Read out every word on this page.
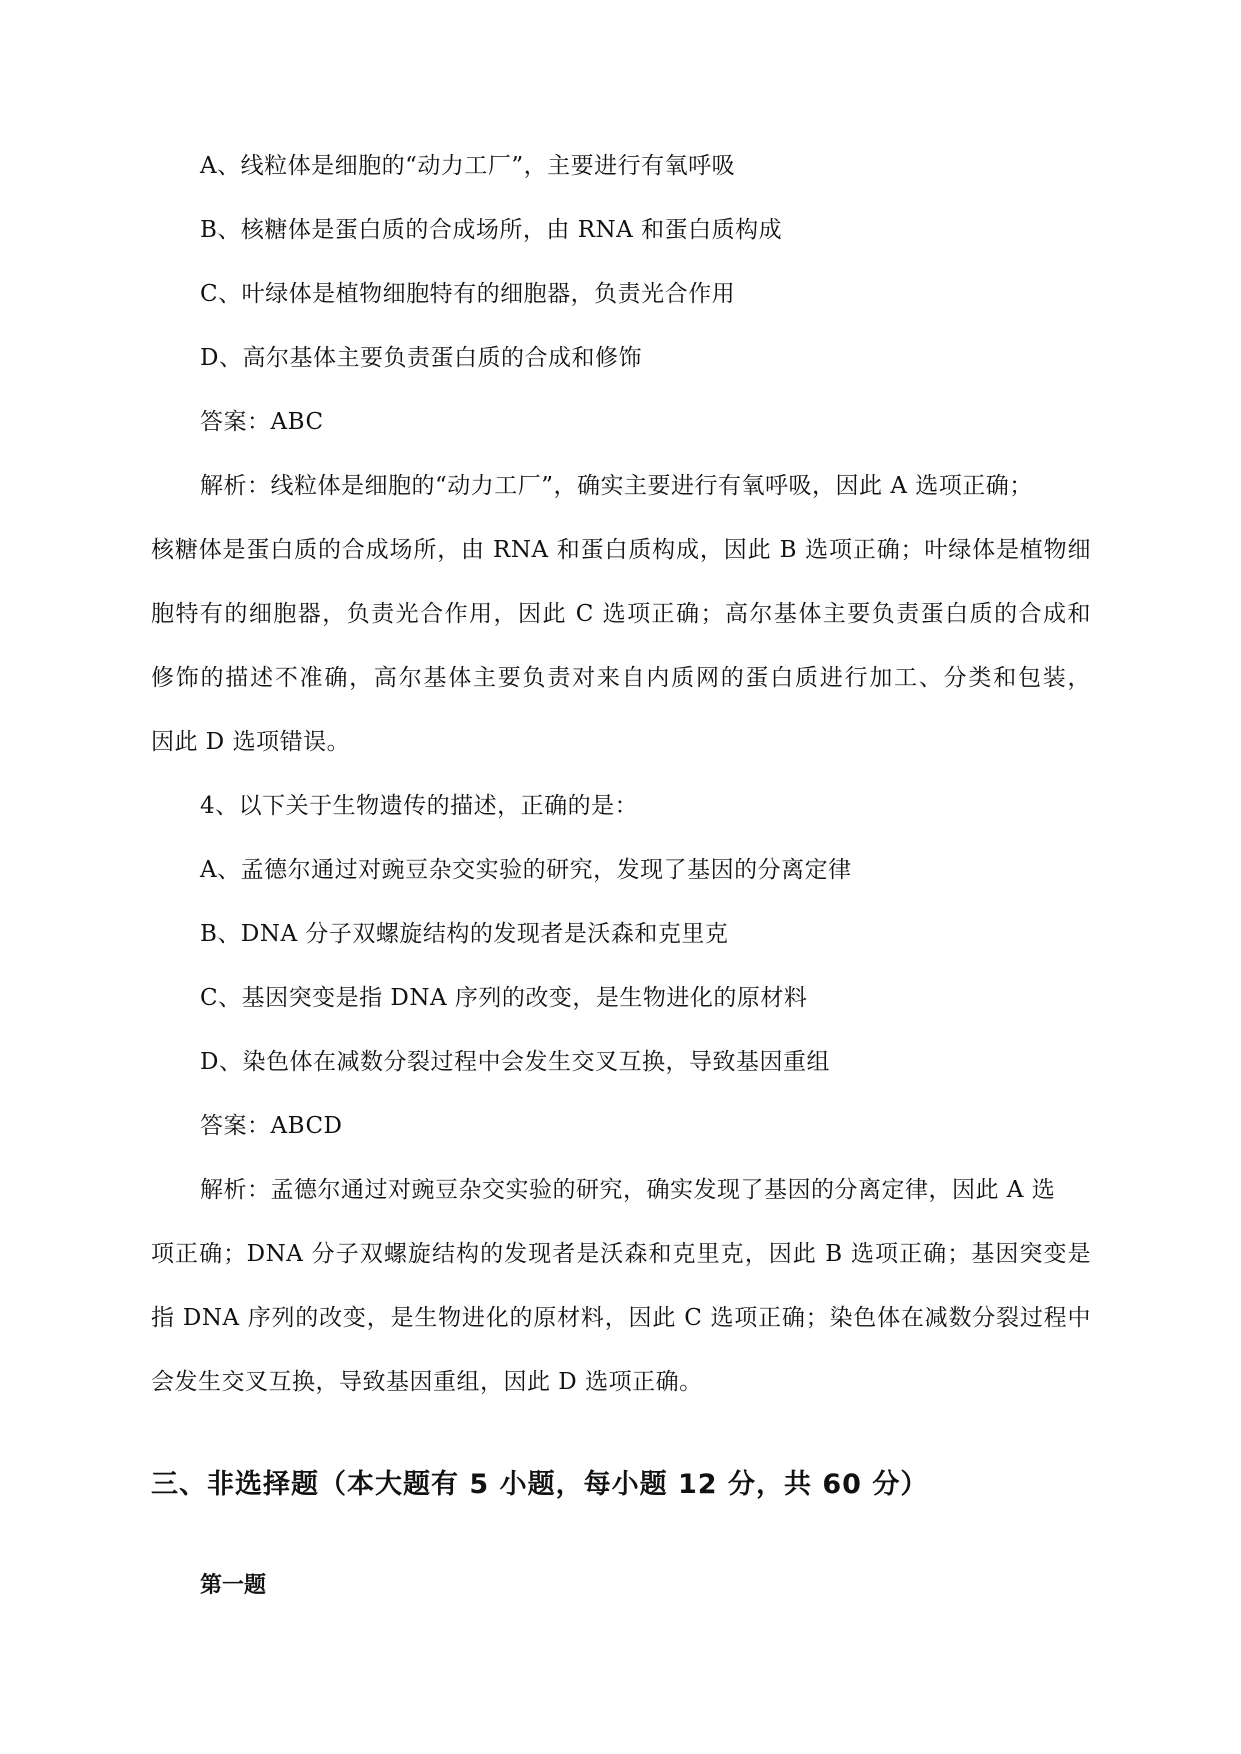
A、线粒体是细胞的“动力工厂”，主要进行有氧呼吸
B、核糖体是蛋白质的合成场所，由 RNA 和蛋白质构成
C、叶绿体是植物细胞特有的细胞器，负责光合作用
D、高尔基体主要负责蛋白质的合成和修饰
答案：ABC
解析：线粒体是细胞的“动力工厂”，确实主要进行有氧呼吸，因此 A 选项正确；
核糖体是蛋白质的合成场所，由 RNA 和蛋白质构成，因此 B 选项正确；叶绿体是植物细
胞特有的细胞器，负责光合作用，因此 C 选项正确；高尔基体主要负责蛋白质的合成和
修饰的描述不准确，高尔基体主要负责对来自内质网的蛋白质进行加工、分类和包装，
因此 D 选项错误。
4、以下关于生物遗传的描述，正确的是：
A、孟德尔通过对豌豆杂交实验的研究，发现了基因的分离定律
B、DNA 分子双螺旋结构的发现者是沃森和克里克
C、基因突变是指 DNA 序列的改变，是生物进化的原材料
D、染色体在减数分裂过程中会发生交叉互换，导致基因重组
答案：ABCD
解析：孟德尔通过对豌豆杂交实验的研究，确实发现了基因的分离定律，因此 A 选
项正确；DNA 分子双螺旋结构的发现者是沃森和克里克，因此 B 选项正确；基因突变是
指 DNA 序列的改变，是生物进化的原材料，因此 C 选项正确；染色体在减数分裂过程中
会发生交叉互换，导致基因重组，因此 D 选项正确。
三、非选择题（本大题有 5 小题，每小题 12 分，共 60 分）
第一题
